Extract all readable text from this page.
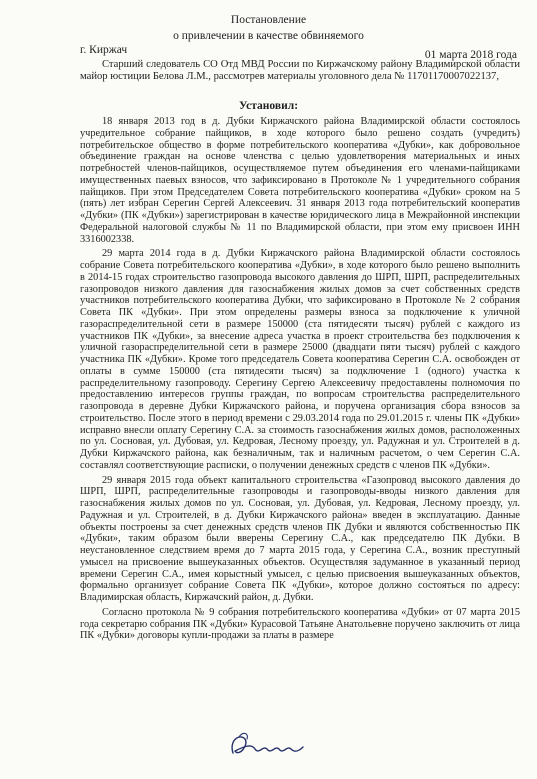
Постановление
о привлечении в качестве обвиняемого
г. Киржач	01 марта 2018 года

Старший следователь СО Отд МВД России по Киржачскому району Владимирской области майор юстиции Белова Л.М., рассмотрев материалы уголовного дела № 11701170007022137,

Установил:

18 января 2013 год в д. Дубки Киржачского района Владимирской области состоялось учредительное собрание пайщиков, в ходе которого было решено создать (учредить) потребительское общество в форме потребительского кооператива «Дубки», как добровольное объединение граждан на основе членства с целью удовлетворения материальных и иных потребностей членов-пайщиков, осуществляемое путем объединения его членами-пайщиками имущественных паевых взносов, что зафиксировано в Протоколе № 1 учредительного собрания пайщиков. При этом Председателем Совета потребительского кооператива «Дубки» сроком на 5 (пять) лет избран Серегин Сергей Алексеевич. 31 января 2013 года потребительский кооператив «Дубки» (ПК «Дубки») зарегистрирован в качестве юридического лица в Межрайонной инспекции Федеральной налоговой службы № 11 по Владимирской области, при этом ему присвоен ИНН 3316002338.

29 марта 2014 года в д. Дубки Киржачского района Владимирской области состоялось собрание Совета потребительского кооператива «Дубки», в ходе которого было решено выполнить в 2014-15 годах строительство газопровода высокого давления до ШРП, ШРП, распределительных газопроводов низкого давления для газоснабжения жилых домов за счет собственных средств участников потребительского кооператива Дубки, что зафиксировано в Протоколе № 2 собрания Совета ПК «Дубки». При этом определены размеры взноса за подключение к уличной газораспределительной сети в размере 150000 (ста пятидесяти тысяч) рублей с каждого из участников ПК «Дубки», за внесение адреса участка в проект строительства без подключения к уличной газораспределительной сети в размере 25000 (двадцати пяти тысяч) рублей с каждого участника ПК «Дубки». Кроме того председатель Совета кооператива Серегин С.А. освобожден от оплаты в сумме 150000 (ста пятидесяти тысяч) за подключение 1 (одного) участка к распределительному газопроводу. Серегину Сергею Алексеевичу предоставлены полномочия по предоставлению интересов группы граждан, по вопросам строительства распределительного газопровода в деревне Дубки Киржачского района, и поручена организация сбора взносов за строительство. После этого в период времени с 29.03.2014 года по 29.01.2015 г. члены ПК «Дубки» исправно внесли оплату Серегину С.А. за стоимость газоснабжения жилых домов, расположенных по ул. Сосновая, ул. Дубовая, ул. Кедровая, Лесному проезду, ул. Радужная и ул. Строителей в д. Дубки Киржачского района, как безналичным, так и наличным расчетом, о чем Серегин С.А. составлял соответствующие расписки, о получении денежных средств с членов ПК «Дубки».

29 января 2015 года объект капитального строительства «Газопровод высокого давления до ШРП, ШРП, распределительные газопроводы и газопроводы-вводы низкого давления для газоснабжения жилых домов по ул. Сосновая, ул. Дубовая, ул. Кедровая, Лесному проезду, ул. Радужная и ул. Строителей, в д. Дубки Киржачского района» введен в эксплуатацию. Данные объекты построены за счет денежных средств членов ПК Дубки и являются собственностью ПК «Дубки», таким образом были вверены Серегину С.А., как председателю ПК Дубки. В неустановленное следствием время до 7 марта 2015 года, у Серегина С.А., возник преступный умысел на присвоение вышеуказанных объектов. Осуществляя задуманное в указанный период времени Серегин С.А., имея корыстный умысел, с целью присвоения вышеуказанных объектов, формально организует собрание Совета ПК «Дубки», которое должно состояться по адресу: Владимирская область, Киржачский район, д. Дубки.

Согласно протокола № 9 собрания потребительского кооператива «Дубки» от 07 марта 2015 года секретарю собрания ПК «Дубки» Курасовой Татьяне Анатольевне поручено заключить от лица ПК «Дубки» договоры купли-продажи за платы в размере
